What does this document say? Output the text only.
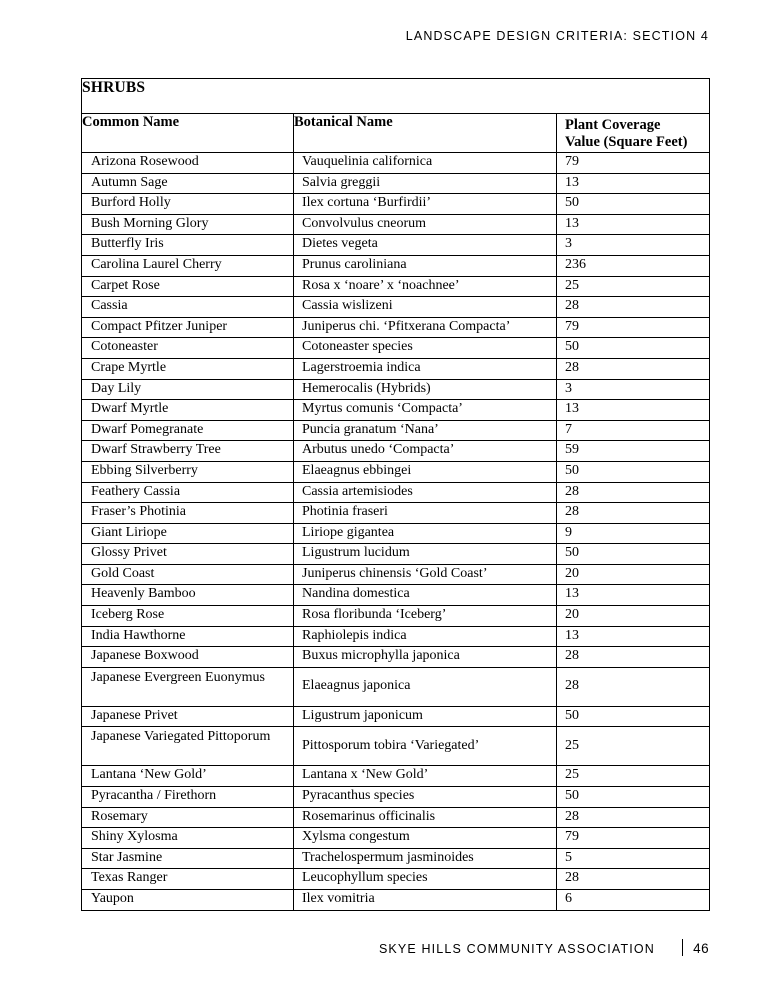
LANDSCAPE DESIGN CRITERIA: SECTION 4
SHRUBS		
Common Name	Botanical Name	Plant Coverage
Value (Square Feet)

Arizona Rosewood	Vauquelinia californica	79
Autumn Sage	Salvia greggii	13
Burford Holly	Ilex cortuna ‘Burfirdii’	50
Bush Morning Glory	Convolvulus cneorum	13
Butterfly Iris	Dietes vegeta	3
Carolina Laurel Cherry	Prunus caroliniana	236
Carpet Rose	Rosa x ‘noare’ x ‘noachnee’	25
Cassia	Cassia wislizeni	28
Compact Pfitzer Juniper	Juniperus chi. ‘Pfitxerana Compacta’	79
Cotoneaster	Cotoneaster species	50
Crape Myrtle	Lagerstroemia indica	28
Day Lily	Hemerocalis (Hybrids)	3
Dwarf Myrtle	Myrtus comunis ‘Compacta’	13
Dwarf Pomegranate	Puncia granatum ‘Nana’	7
Dwarf Strawberry Tree	Arbutus unedo ‘Compacta’	59
Ebbing Silverberry	Elaeagnus ebbingei	50
Feathery Cassia	Cassia artemisiodes	28
Fraser’s Photinia	Photinia fraseri	28
Giant Liriope	Liriope gigantea	9
Glossy Privet	Ligustrum lucidum	50
Gold Coast	Juniperus chinensis ‘Gold Coast’	20
Heavenly Bamboo	Nandina domestica	13
Iceberg Rose	Rosa floribunda ‘Iceberg’	20
India Hawthorne	Raphiolepis indica	13
Japanese Boxwood	Buxus microphylla japonica	28
Japanese Evergreen Euonymus	Elaeagnus japonica	28
Japanese Privet	Ligustrum japonicum	50
Japanese Variegated Pittoporum	Pittosporum tobira ‘Variegated’	25
Lantana ‘New Gold’	Lantana x ‘New Gold’	25
Pyracantha / Firethorn	Pyracanthus species	50
Rosemary	Rosemarinus officinalis	28
Shiny Xylosma	Xylsma congestum	79
Star Jasmine	Trachelospermum jasminoides	5
Texas Ranger	Leucophyllum species	28
Yaupon	Ilex vomitria	6
SKYE HILLS COMMUNITY ASSOCIATION	46
